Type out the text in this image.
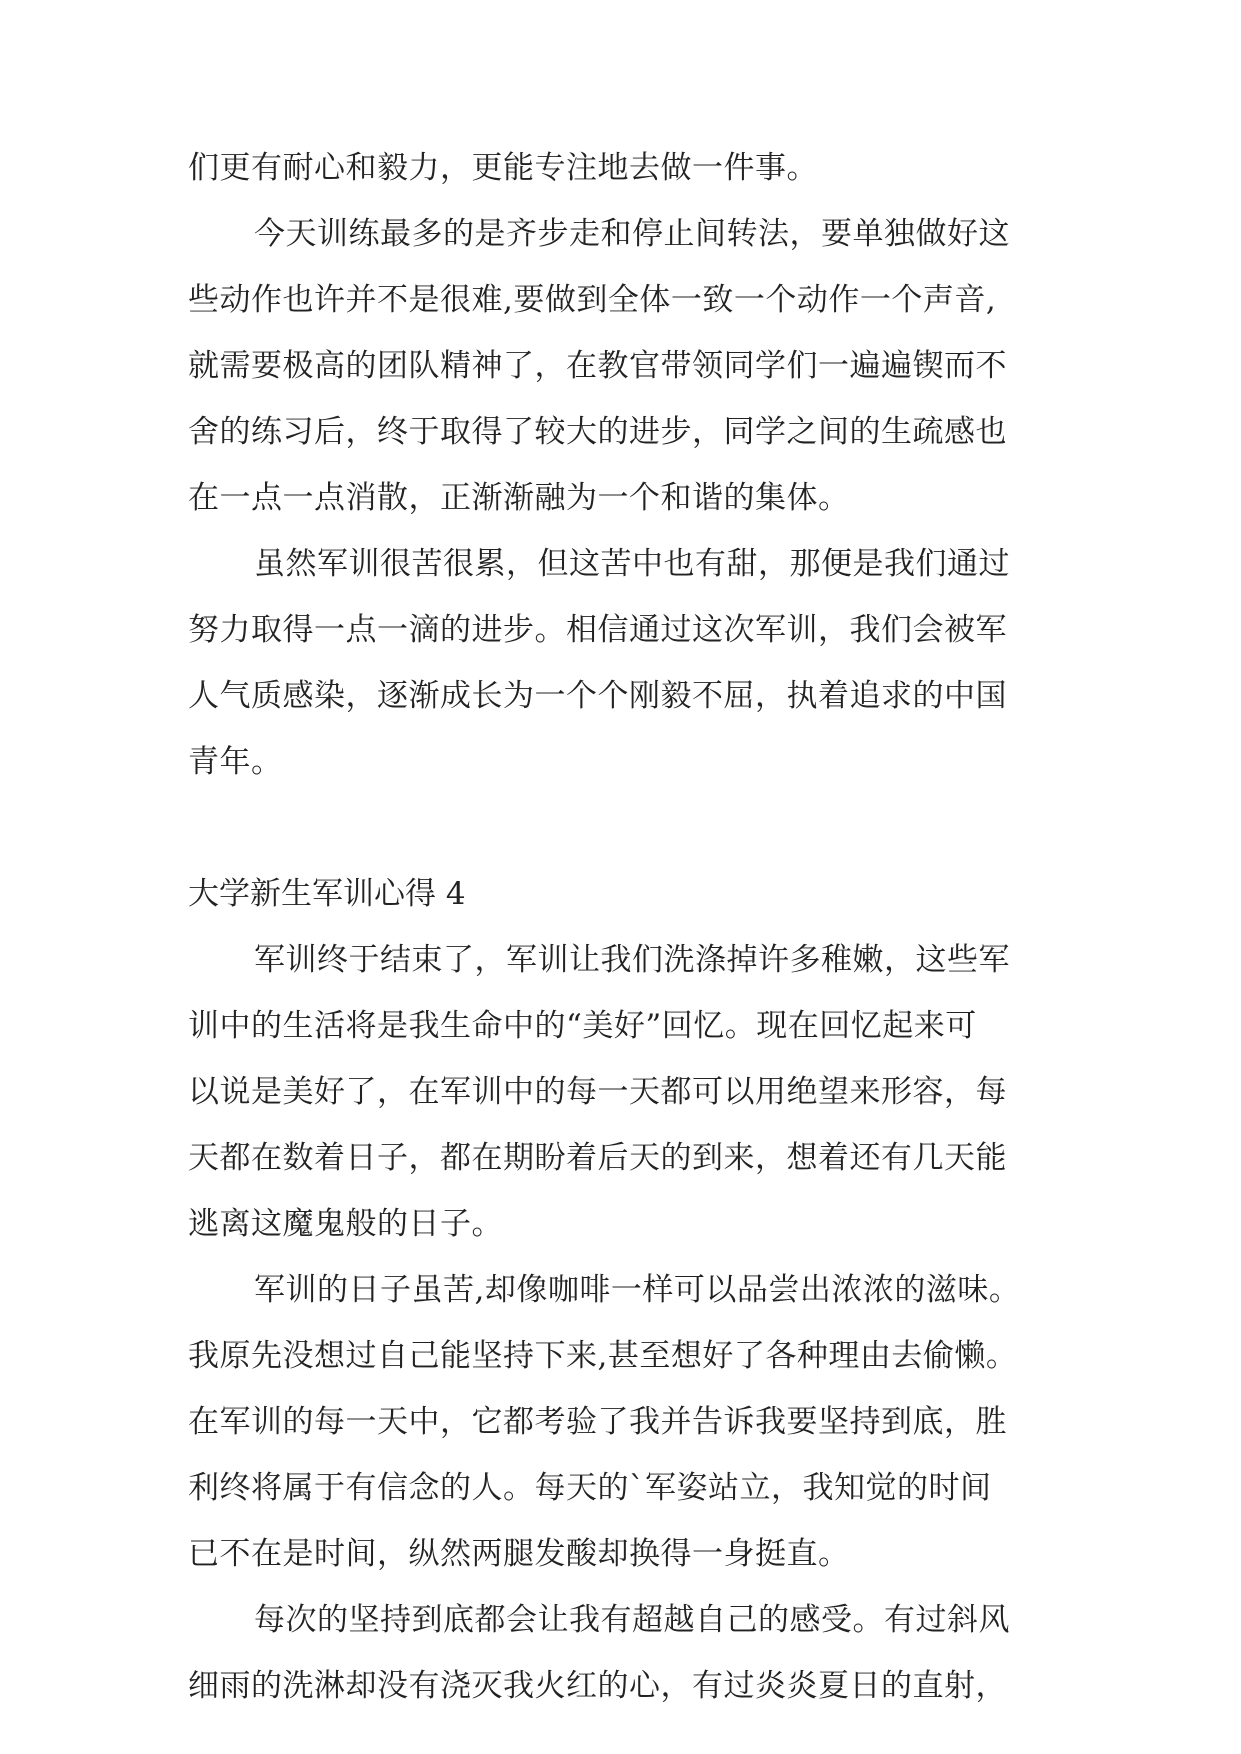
们更有耐心和毅力，更能专注地去做一件事。
今天训练最多的是齐步走和停止间转法，要单独做好这
些动作也许并不是很难,要做到全体一致一个动作一个声音,
就需要极高的团队精神了，在教官带领同学们一遍遍锲而不
舍的练习后，终于取得了较大的进步，同学之间的生疏感也
在一点一点消散，正渐渐融为一个和谐的集体。
虽然军训很苦很累，但这苦中也有甜，那便是我们通过
努力取得一点一滴的进步。相信通过这次军训，我们会被军
人气质感染，逐渐成长为一个个刚毅不屈，执着追求的中国
青年。
大学新生军训心得 4
军训终于结束了，军训让我们洗涤掉许多稚嫩，这些军
训中的生活将是我生命中的“美好”回忆。现在回忆起来可
以说是美好了，在军训中的每一天都可以用绝望来形容，每
天都在数着日子，都在期盼着后天的到来，想着还有几天能
逃离这魔鬼般的日子。
军训的日子虽苦,却像咖啡一样可以品尝出浓浓的滋味。
我原先没想过自己能坚持下来,甚至想好了各种理由去偷懒。
在军训的每一天中，它都考验了我并告诉我要坚持到底，胜
利终将属于有信念的人。每天的`军姿站立，我知觉的时间
已不在是时间，纵然两腿发酸却换得一身挺直。
每次的坚持到底都会让我有超越自己的感受。有过斜风
细雨的洗淋却没有浇灭我火红的心，有过炎炎夏日的直射，
